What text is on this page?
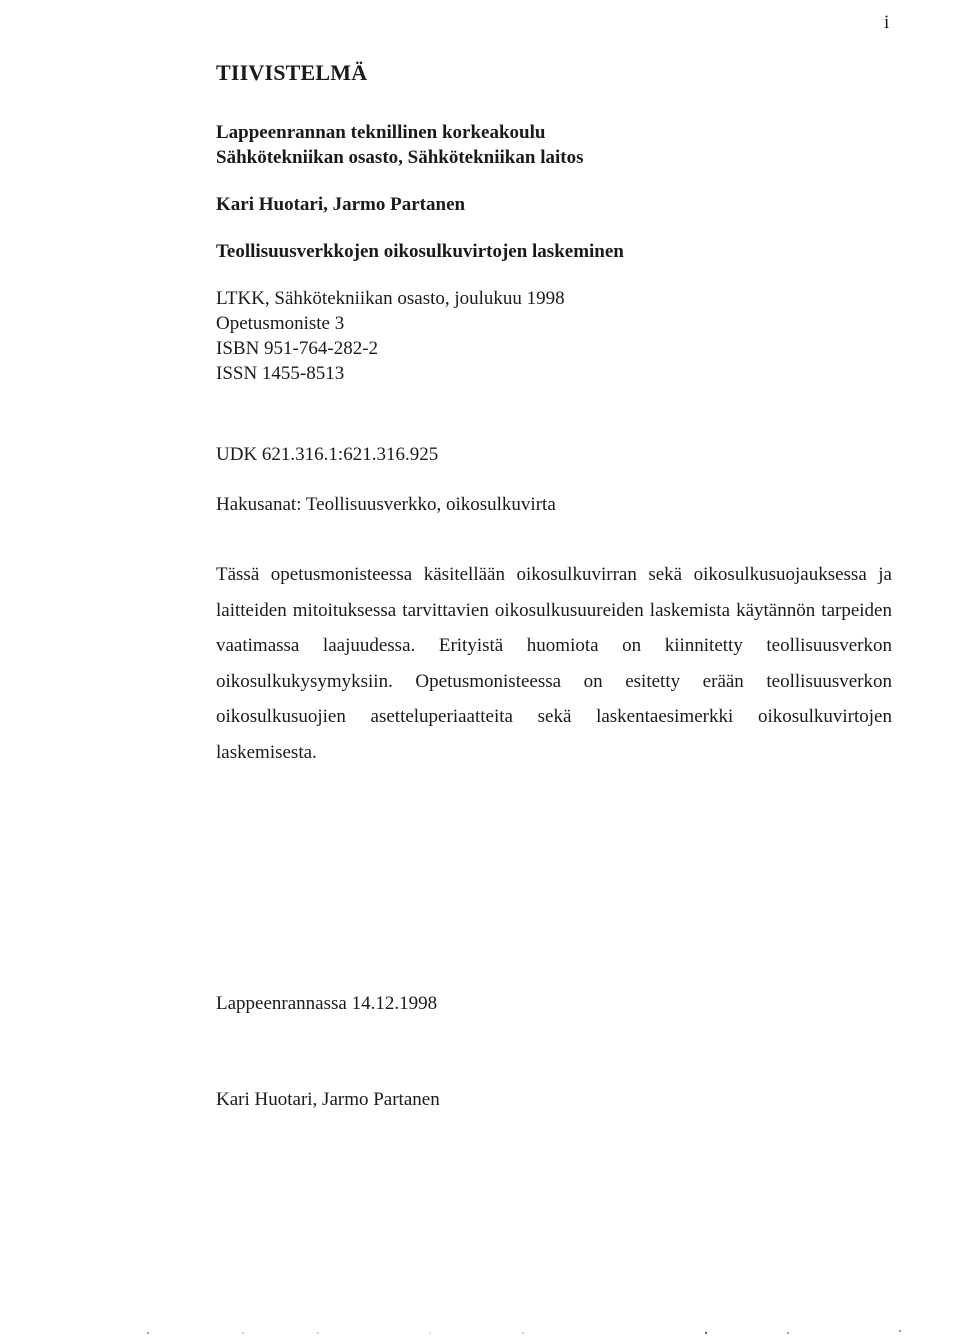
i
TIIVISTELMÄ

Lappeenrannan teknillinen korkeakoulu

Sähkötekniikan osasto, Sähkötekniikan laitos

Kari Huotari, Jarmo Partanen

Teollisuusverkkojen oikosulkuvirtojen laskeminen

LTKK, Sähkötekniikan osasto, joulukuu 1998

Opetusmoniste 3

ISBN 951-764-282-2

ISSN 1455-8513

UDK 621.316.1:621.316.925

Hakusanat: Teollisuusverkko, oikosulkuvirta

Tässä opetusmonisteessa käsitellään oikosulkuvirran sekä oikosulkusuojauksessa ja laitteiden mitoituksessa tarvittavien oikosulkusuureiden laskemista käytännön tarpeiden vaatimassa laajuudessa. Erityistä huomiota on kiinnitetty teollisuusverkon oikosulkukysymyksiin. Opetusmonisteessa on esitetty erään teollisuusverkon oikosulkusuojien asetteluperiaatteita sekä laskentaesimerkki oikosulkuvirtojen laskemisesta.

Lappeenrannassa 14.12.1998
Kari Huotari, Jarmo Partanen
